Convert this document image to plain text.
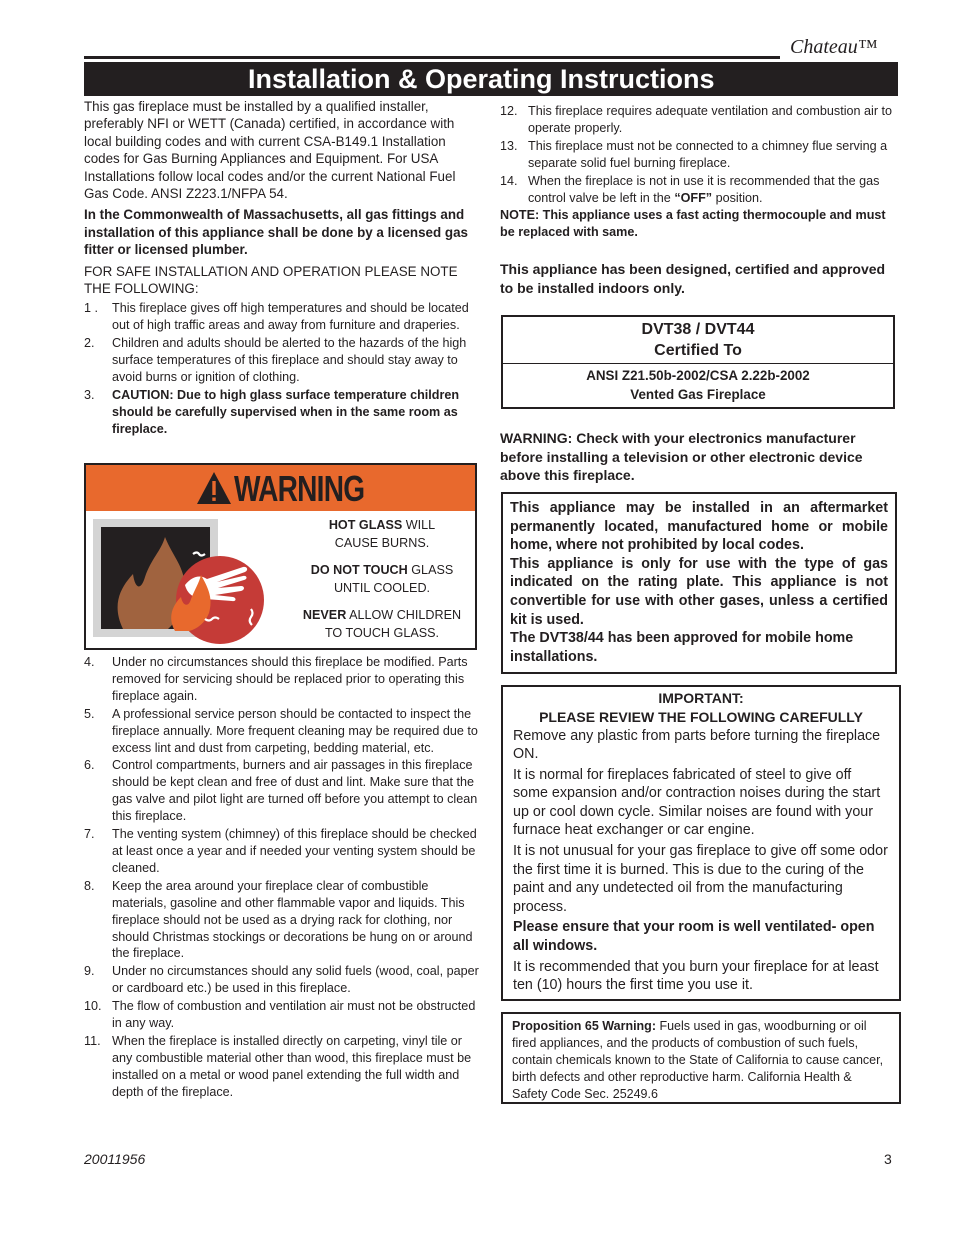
Chateau™
Installation & Operating Instructions

This gas fireplace must be installed by a qualified installer, preferably NFI or WETT (Canada) certified, in accordance with local building codes and with current CSA-B149.1 Installation codes for Gas Burning Appliances and Equipment. For USA Installations follow local codes and/or the current National Fuel Gas Code. ANSI Z223.1/NFPA 54.

In the Commonwealth of Massachusetts, all gas fittings and installation of this appliance shall be done by a licensed gas fitter or licensed plumber.

FOR SAFE INSTALLATION AND OPERATION PLEASE NOTE THE FOLLOWING:

1 . This fireplace gives off high temperatures and should be located out of high traffic areas and away from furniture and draperies.
2. Children and adults should be alerted to the hazards of the high surface temperatures of this fireplace and should stay away to avoid burns or ignition of clothing.
3. CAUTION: Due to high glass surface temperature children should be carefully supervised when in the same room as fireplace.
WARNING
HOT GLASS WILL
CAUSE BURNS.
DO NOT TOUCH GLASS
UNTIL COOLED.
NEVER ALLOW CHILDREN
TO TOUCH GLASS.
4. Under no circumstances should this fireplace be modified. Parts removed for servicing should be replaced prior to operating this fireplace again.
5. A professional service person should be contacted to inspect the fireplace annually. More frequent cleaning may be required due to excess lint and dust from carpeting, bedding material, etc.
6. Control compartments, burners and air passages in this fireplace should be kept clean and free of dust and lint. Make sure that the gas valve and pilot light are turned off before you attempt to clean this fireplace.
7. The venting system (chimney) of this fireplace should be checked at least once a year and if needed your venting system should be cleaned.
8. Keep the area around your fireplace clear of combustible materials, gasoline and other flammable vapor and liquids. This fireplace should not be used as a drying rack for clothing, nor should Christmas stockings or decorations be hung on or around the fireplace.
9. Under no circumstances should any solid fuels (wood, coal, paper or cardboard etc.) be used in this fireplace.
10. The flow of combustion and ventilation air must not be obstructed in any way.
11. When the fireplace is installed directly on carpeting, vinyl tile or any combustible material other than wood, this fireplace must be installed on a metal or wood panel extending the full width and depth of the fireplace.
12. This fireplace requires adequate ventilation and combustion air to operate properly.
13. This fireplace must not be connected to a chimney flue serving a separate solid fuel burning fireplace.
14. When the fireplace is not in use it is recommended that the gas control valve be left in the “OFF” position.
NOTE: This appliance uses a fast acting thermocouple and must be replaced with same.
This appliance has been designed, certified and approved to be installed indoors only.
DVT38 / DVT44
Certified To
ANSI Z21.50b-2002/CSA 2.22b-2002
Vented Gas Fireplace
WARNING: Check with your electronics manufacturer before installing a television or other electronic device above this fireplace.
This appliance may be installed in an aftermarket permanently located, manufactured home or mobile home, where not prohibited by local codes.
This appliance is only for use with the type of gas indicated on the rating plate. This appliance is not convertible for use with other gases, unless a certified kit is used.
The DVT38/44 has been approved for mobile home installations.
IMPORTANT:
PLEASE REVIEW THE FOLLOWING CAREFULLY
Remove any plastic from parts before turning the fireplace ON.
It is normal for fireplaces fabricated of steel to give off some expansion and/or contraction noises during the start up or cool down cycle. Similar noises are found with your furnace heat exchanger or car engine.
It is not unusual for your gas fireplace to give off some odor the first time it is burned. This is due to the curing of the paint and any undetected oil from the manufacturing process.
Please ensure that your room is well ventilated- open all windows.
It is recommended that you burn your fireplace for at least ten (10) hours the first time you use it.
Proposition 65 Warning: Fuels used in gas, woodburning or oil fired appliances, and the products of combustion of such fuels, contain chemicals known to the State of California to cause cancer, birth defects and other reproductive harm. California Health & Safety Code Sec. 25249.6
20011956	3
